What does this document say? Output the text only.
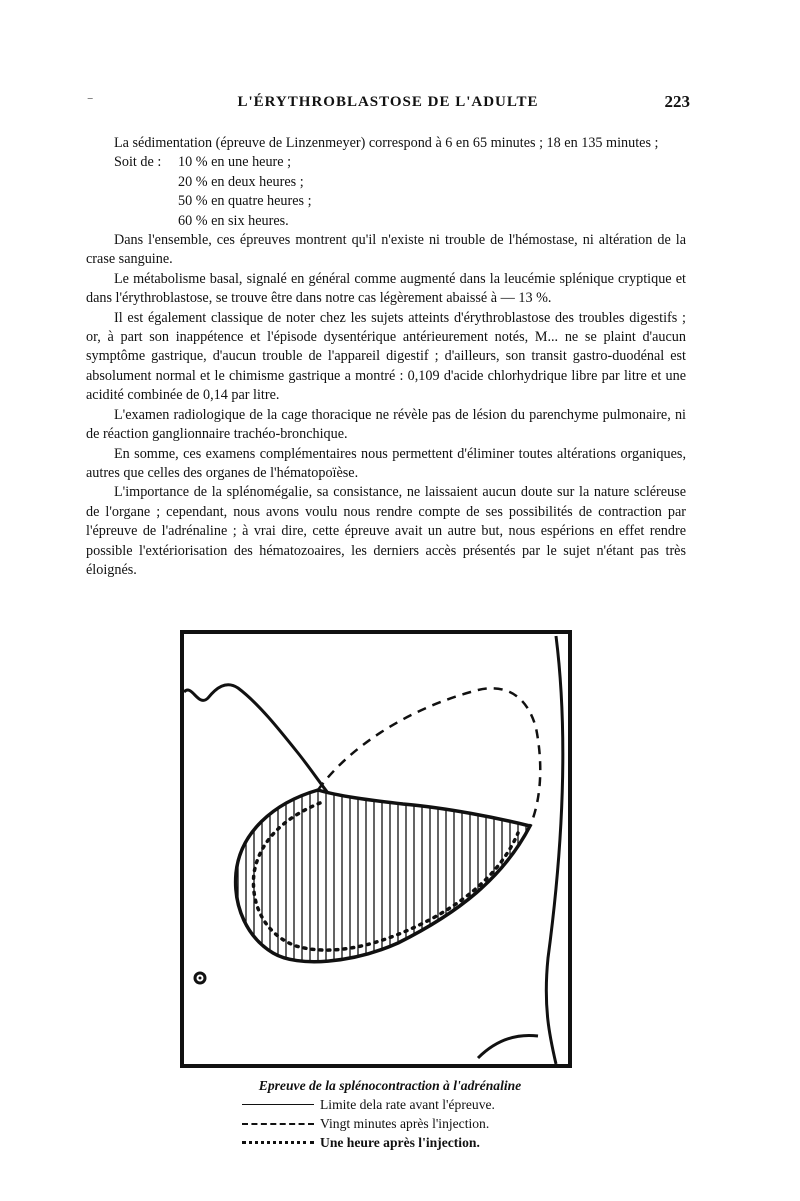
‾	L'ÉRYTHROBLASTOSE DE L'ADULTE	223

La sédimentation (épreuve de Linzenmeyer) correspond à 6 en 65 minutes ; 18 en 135 minutes ;

Soit de :	10 % en une heure ;
20 % en deux heures ;
50 % en quatre heures ;
60 % en six heures.

Dans l'ensemble, ces épreuves montrent qu'il n'existe ni trouble de l'hémostase, ni altération de la crase sanguine.

Le métabolisme basal, signalé en général comme augmenté dans la leucémie splénique cryptique et dans l'érythroblastose, se trouve être dans notre cas légèrement abaissé à — 13 %.

Il est également classique de noter chez les sujets atteints d'érythroblastose des troubles digestifs ; or, à part son inappétence et l'épisode dysentérique antérieurement notés, M... ne se plaint d'aucun symptôme gastrique, d'aucun trouble de l'appareil digestif ; d'ailleurs, son transit gastro-duodénal est absolument normal et le chimisme gastrique a montré : 0,109 d'acide chlorhydrique libre par litre et une acidité combinée de 0,14 par litre.

L'examen radiologique de la cage thoracique ne révèle pas de lésion du parenchyme pulmonaire, ni de réaction ganglionnaire trachéo-bronchique.

En somme, ces examens complémentaires nous permettent d'éliminer toutes altérations organiques, autres que celles des organes de l'hématopoïèse.

L'importance de la splénomégalie, sa consistance, ne laissaient aucun doute sur la nature scléreuse de l'organe ; cependant, nous avons voulu nous rendre compte de ses possibilités de contraction par l'épreuve de l'adrénaline ; à vrai dire, cette épreuve avait un autre but, nous espérions en effet rendre possible l'extériorisation des hématozoaires, les derniers accès présentés par le sujet n'étant pas très éloignés.

Epreuve de la splénocontraction à l'adrénaline
Limite dela rate avant l'épreuve.
Vingt minutes après l'injection.
Une heure après l'injection.
